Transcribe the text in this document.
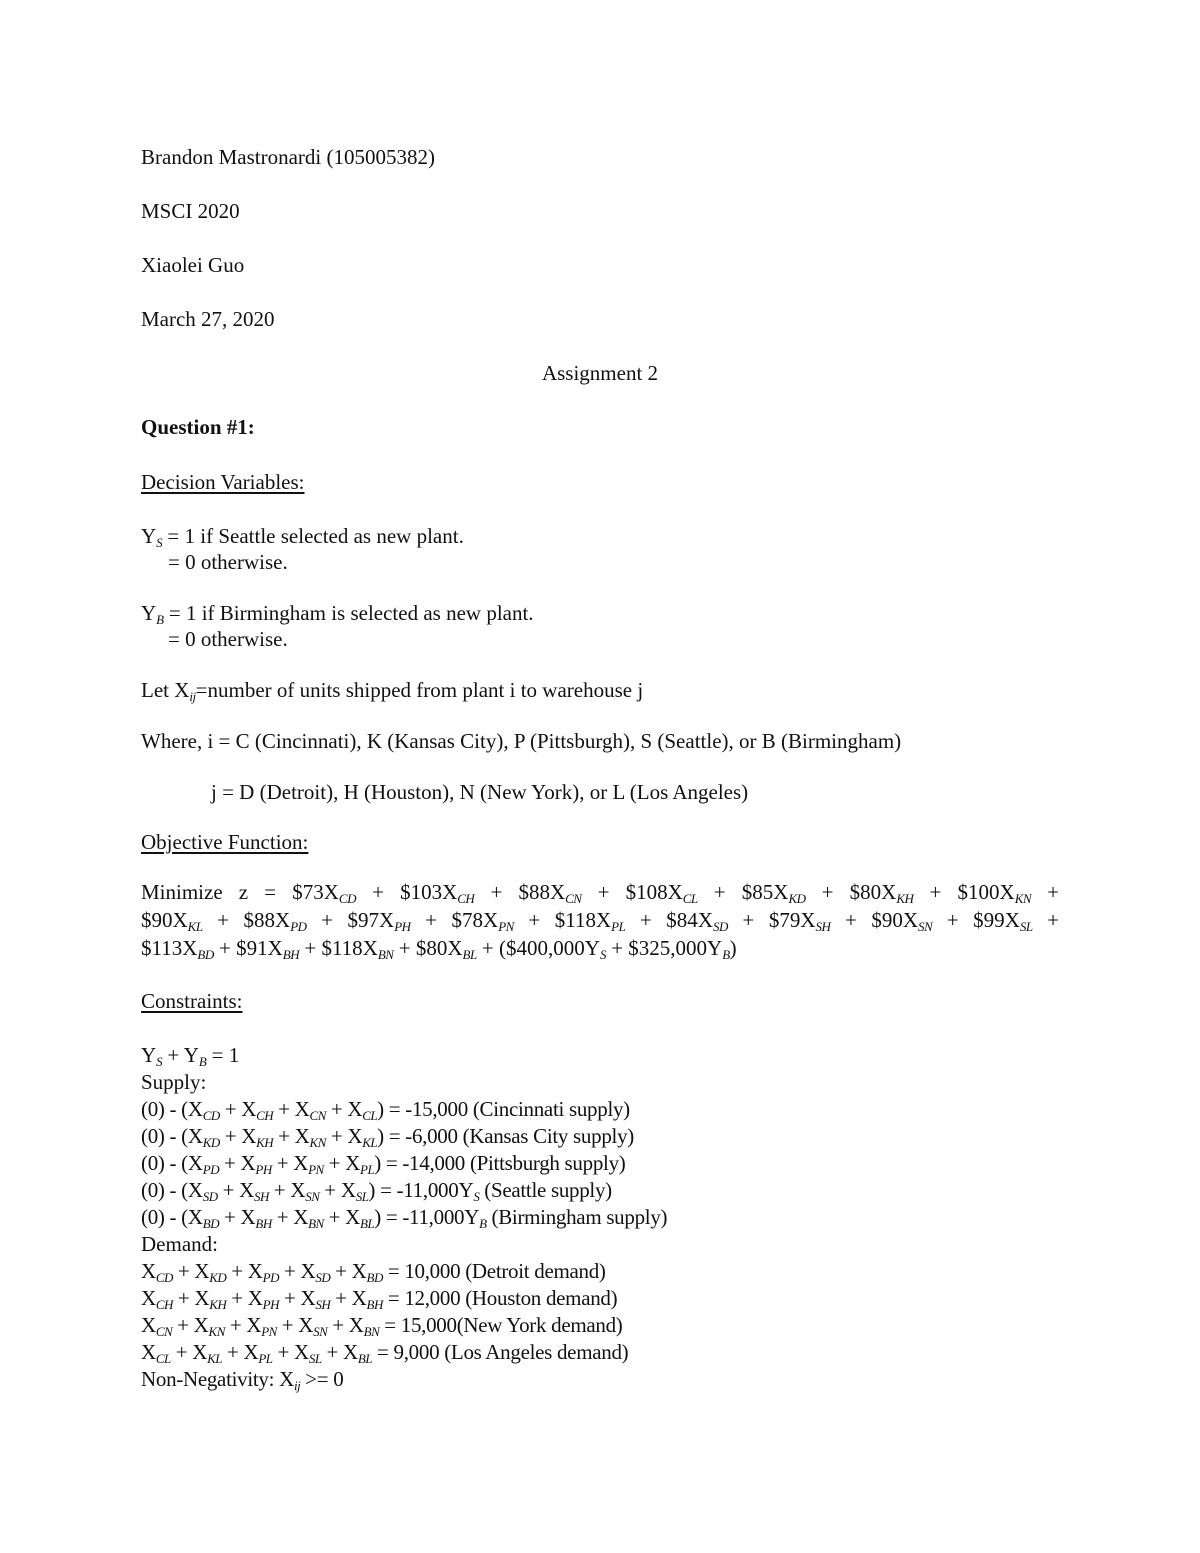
Brandon Mastronardi (105005382)
MSCI 2020
Xiaolei Guo
March 27, 2020
Assignment 2
Question #1:
Decision Variables:
$Y_S = 1$ if Seattle selected as new plant.
= 0 otherwise.
$Y_B = 1$ if Birmingham is selected as new plant.
= 0 otherwise.
Let $X_{ij}=number$ of units shipped from plant i to warehouse j
Where, i = C (Cincinnati), K (Kansas City), P (Pittsburgh), S (Seattle), or B (Birmingham)
j = D (Detroit), H (Houston), N (New York), or L (Los Angeles)
Objective Function:
Minimize $z = \$73X_{CD}$ + $\$103X_{CH}$ + $\$88X_{CN}$ + $\$108X_{CL}$ + $\$85X_{KD}$ + $\$80X_{KH}$ + $\$100X_{KN}$ +
$\$90X_{KL}$ + $\$88X_{PD}$ + $\$97X_{PH}$ + $\$78X_{PN}$ + $\$118X_{PL}$ + $\$84X_{SD}$ + $\$79X_{SH}$ + $\$90X_{SN}$ + $\$99X_{SL}$ +
$\$113X_{BD}$ + $\$91X_{BH}$ + $\$118X_{BN}$ + $\$80X_{BL}$ + ($\$400,000Y_S$ + $\$325,000Y_B$)
Constraints:
$Y_S + Y_B = 1$
Supply:
$(0) - (X_{CD} + X_{CH} + X_{CN} + X_{CL}) = -15,000$ (Cincinnati supply)
$(0) - (X_{KD} + X_{KH} + X_{KN} + X_{KL}) = -6,000$ (Kansas City supply)
$(0) - (X_{PD} + X_{PH} + X_{PN} + X_{PL}) = -14,000$ (Pittsburgh supply)
$(0) - (X_{SD} + X_{SH} + X_{SN} + X_{SL}) = -11,000Y_S$ (Seattle supply)
$(0) - (X_{BD} + X_{BH} + X_{BN} + X_{BL}) = -11,000Y_B$ (Birmingham supply)
Demand:
$X_{CD} + X_{KD} + X_{PD} + X_{SD} + X_{BD} = 10,000$ (Detroit demand)
$X_{CH} + X_{KH} + X_{PH} + X_{SH} + X_{BH} = 12,000$ (Houston demand)
$X_{CN} + X_{KN} + X_{PN} + X_{SN} + X_{BN} = 15,000(New$ York demand)
$X_{CL} + X_{KL} + X_{PL} + X_{SL} + X_{BL} = 9,000$ (Los Angeles demand)
Non-Negativity: $X_{ij} >= 0$
